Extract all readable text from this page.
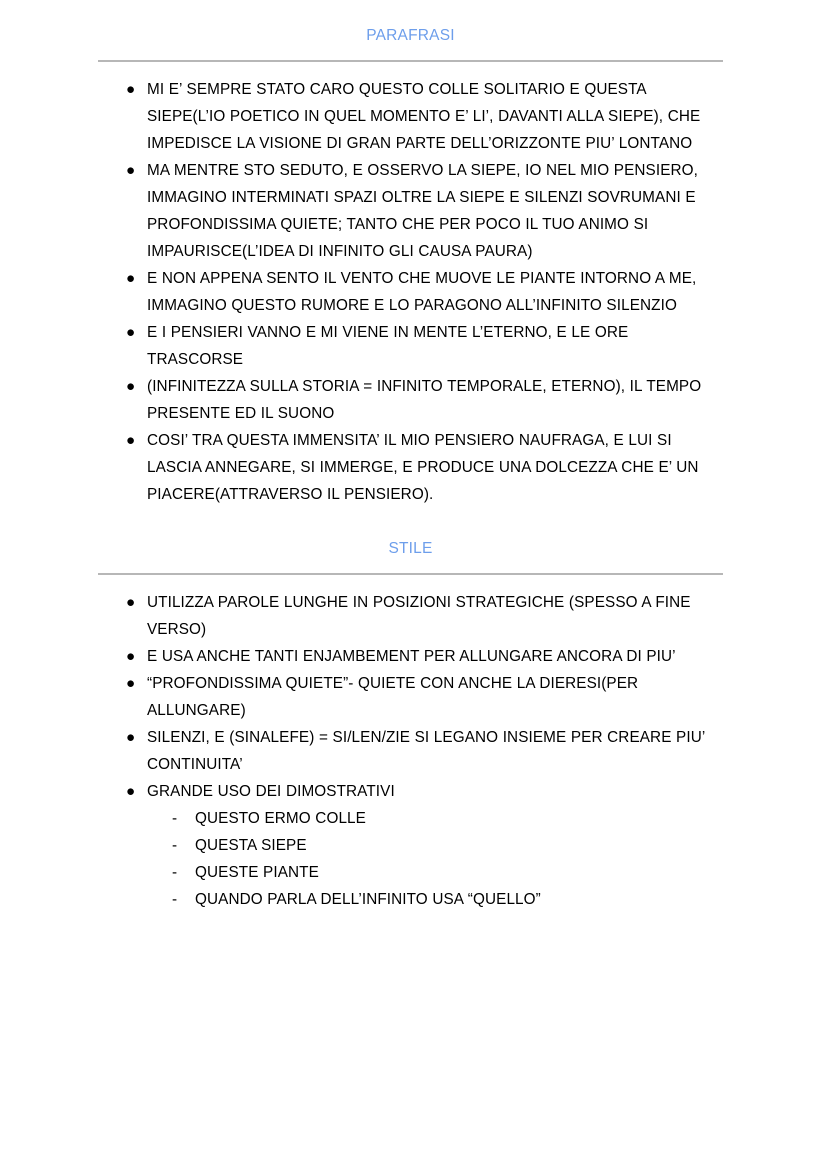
PARAFRASI
● MI E’ SEMPRE STATO CARO QUESTO COLLE SOLITARIO E QUESTA SIEPE(L’IO POETICO IN QUEL MOMENTO E’ LI’, DAVANTI ALLA SIEPE), CHE IMPEDISCE LA VISIONE DI GRAN PARTE DELL’ORIZZONTE PIU’ LONTANO
● MA MENTRE STO SEDUTO, E OSSERVO LA SIEPE, IO NEL MIO PENSIERO, IMMAGINO INTERMINATI SPAZI OLTRE LA SIEPE E SILENZI SOVRUMANI E PROFONDISSIMA QUIETE; TANTO CHE PER POCO IL TUO ANIMO SI IMPAURISCE(L’IDEA DI INFINITO GLI CAUSA PAURA)
● E NON APPENA SENTO IL VENTO CHE MUOVE LE PIANTE INTORNO A ME, IMMAGINO QUESTO RUMORE E LO PARAGONO ALL’INFINITO SILENZIO
● E I PENSIERI VANNO E MI VIENE IN MENTE L’ETERNO, E LE ORE TRASCORSE
● (INFINITEZZA SULLA STORIA = INFINITO TEMPORALE, ETERNO), IL TEMPO PRESENTE ED IL SUONO
● COSI’ TRA QUESTA IMMENSITA’ IL MIO PENSIERO NAUFRAGA, E LUI SI LASCIA ANNEGARE, SI IMMERGE, E PRODUCE UNA DOLCEZZA CHE E’ UN PIACERE(ATTRAVERSO IL PENSIERO).
STILE
● UTILIZZA PAROLE LUNGHE IN POSIZIONI STRATEGICHE (SPESSO A FINE VERSO)
● E USA ANCHE TANTI ENJAMBEMENT PER ALLUNGARE ANCORA DI PIU’
● “PROFONDISSIMA QUIETE”- QUIETE CON ANCHE LA DIERESI(PER ALLUNGARE)
● SILENZI, E (SINALEFE) = SI/LEN/ZIE SI LEGANO INSIEME PER CREARE PIU’ CONTINUITA’
● GRANDE USO DEI DIMOSTRATIVI
- QUESTO ERMO COLLE
- QUESTA SIEPE
- QUESTE PIANTE
- QUANDO PARLA DELL’INFINITO USA “QUELLO”
